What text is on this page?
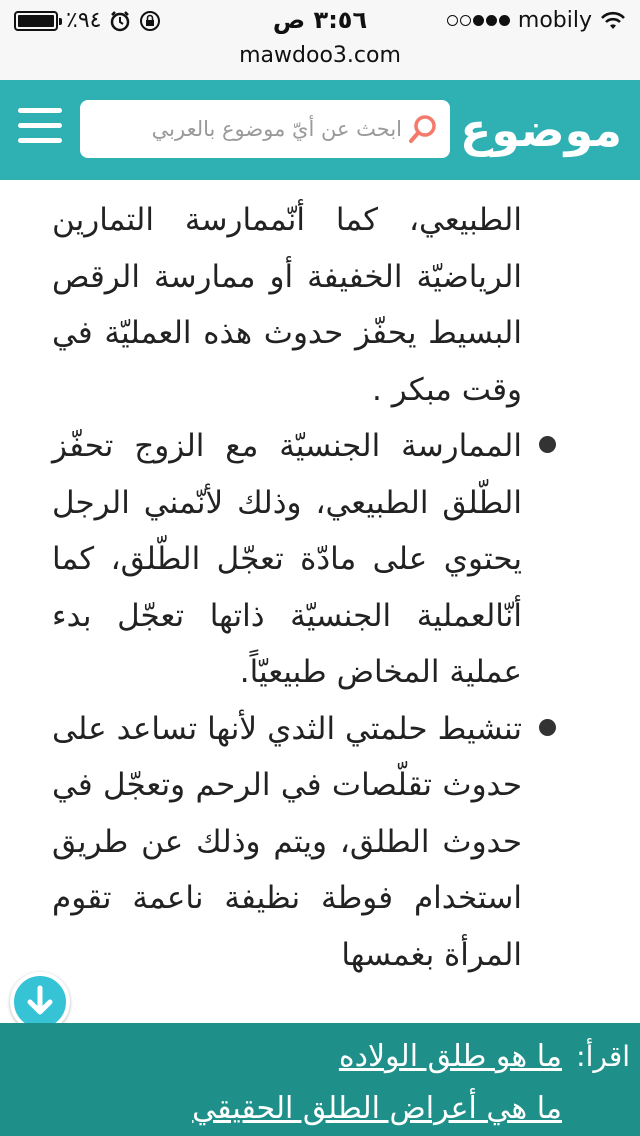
٪٩٤	٣:٥٦ ص	mobily
mawdoo3.com
ابحث عن أيّ موضوع بالعربي موضوع
الطبيعي، كما أنّممارسة التمارين الرياضيّة الخفيفة أو ممارسة الرقص البسيط يحفّز حدوث هذه العمليّة في وقت مبكر .
الممارسة الجنسيّة مع الزوج تحفّز الطّلق الطبيعي، وذلك لأنّمني الرجل يحتوي على مادّة تعجّل الطّلق، كما أنّالعملية الجنسيّة ذاتها تعجّل بدء عملية المخاض طبيعيّاً.
تنشيط حلمتي الثدي لأنها تساعد على حدوث تقلّصات في الرحم وتعجّل في حدوث الطلق، ويتم وذلك عن طريق استخدام فوطة نظيفة ناعمة تقوم المرأة بغمسها
اقرأ:
ما هو طلق الولاده
ما هي أعراض الطلق الحقيقي
